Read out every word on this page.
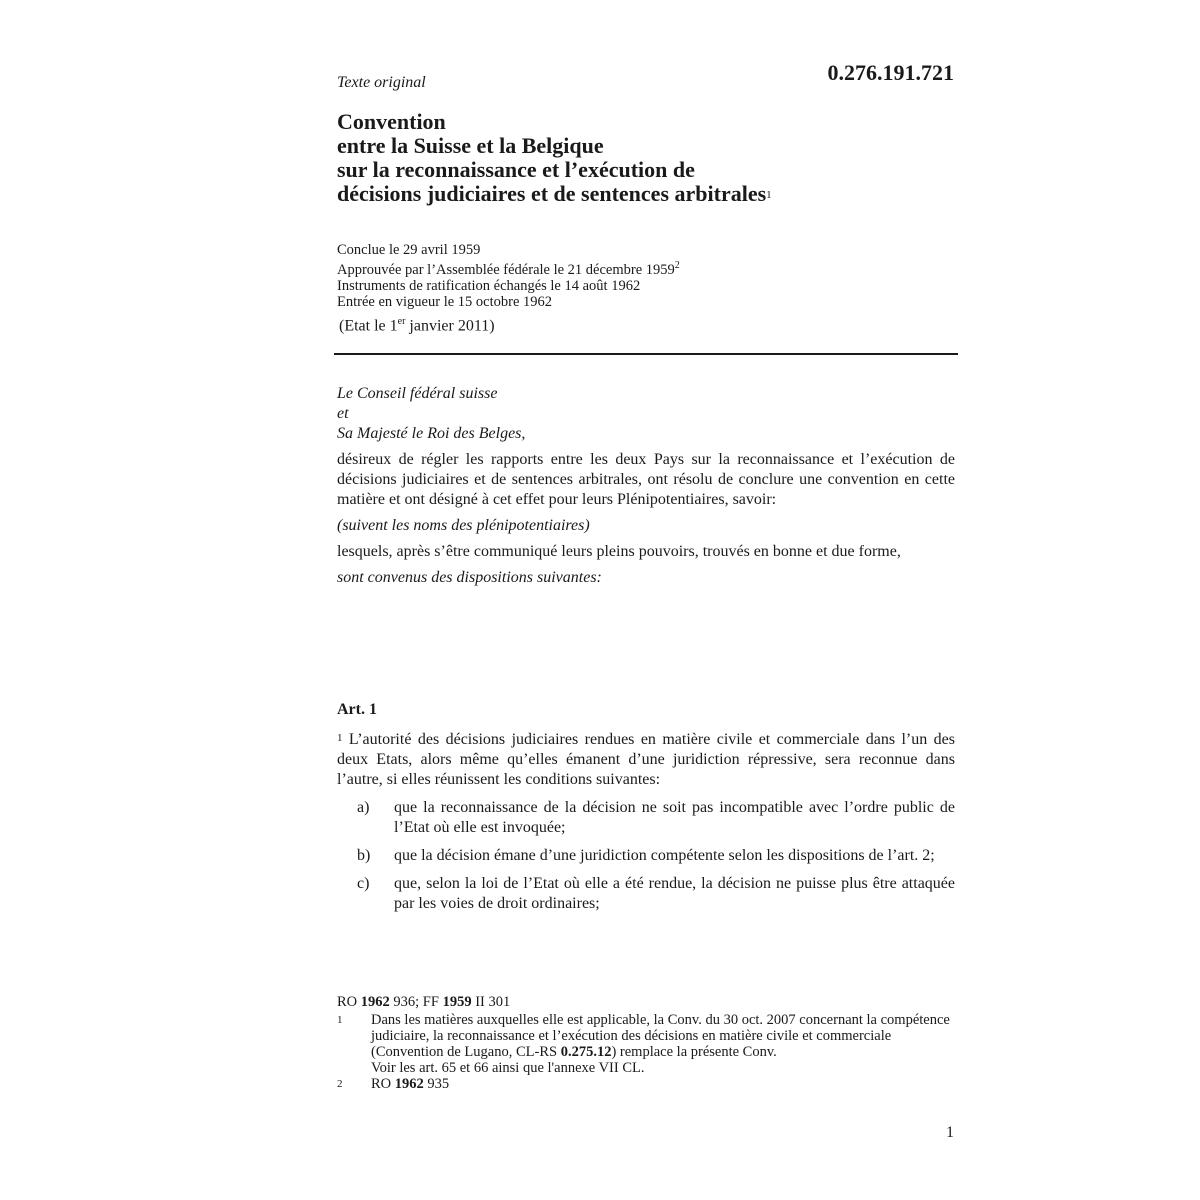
0.276.191.721
Texte original
Convention
entre la Suisse et la Belgique
sur la reconnaissance et l’exécution de
décisions judiciaires et de sentences arbitrales$^1$
Conclue le 29 avril 1959
Approuvée par l’Assemblée fédérale le 21 décembre 1959$^2$
Instruments de ratification échangés le 14 août 1962
Entrée en vigueur le 15 octobre 1962
(Etat le 1er janvier 2011)

Le Conseil fédéral suisse

et

Sa Majesté le Roi des Belges,

désireux de régler les rapports entre les deux Pays sur la reconnaissance et l’exécution de décisions judiciaires et de sentences arbitrales, ont résolu de conclure une convention en cette matière et ont désigné à cet effet pour leurs Plénipotentiaires, savoir:

(suivent les noms des plénipotentiaires)

lesquels, après s’être communiqué leurs pleins pouvoirs, trouvés en bonne et due forme,

sont convenus des dispositions suivantes:

Art. 1

1 L’autorité des décisions judiciaires rendues en matière civile et commerciale dans l’un des deux Etats, alors même qu’elles émanent d’une juridiction répressive, sera reconnue dans l’autre, si elles réunissent les conditions suivantes:

a)	que la reconnaissance de la décision ne soit pas incompatible avec l’ordre public de l’Etat où elle est invoquée;
b)	que la décision émane d’une juridiction compétente selon les dispositions de l’art. 2;
c)	que, selon la loi de l’Etat où elle a été rendue, la décision ne puisse plus être attaquée par les voies de droit ordinaires;

RO 1962 936; FF 1959 II 301

1	Dans les matières auxquelles elle est applicable, la Conv. du 30 oct. 2007 concernant la compétence judiciaire, la reconnaissance et l’exécution des décisions en matière civile et commerciale (Convention de Lugano, CL-RS 0.275.12) remplace la présente Conv.
Voir les art. 65 et 66 ainsi que l'annexe VII CL.
2	RO 1962 935
1
